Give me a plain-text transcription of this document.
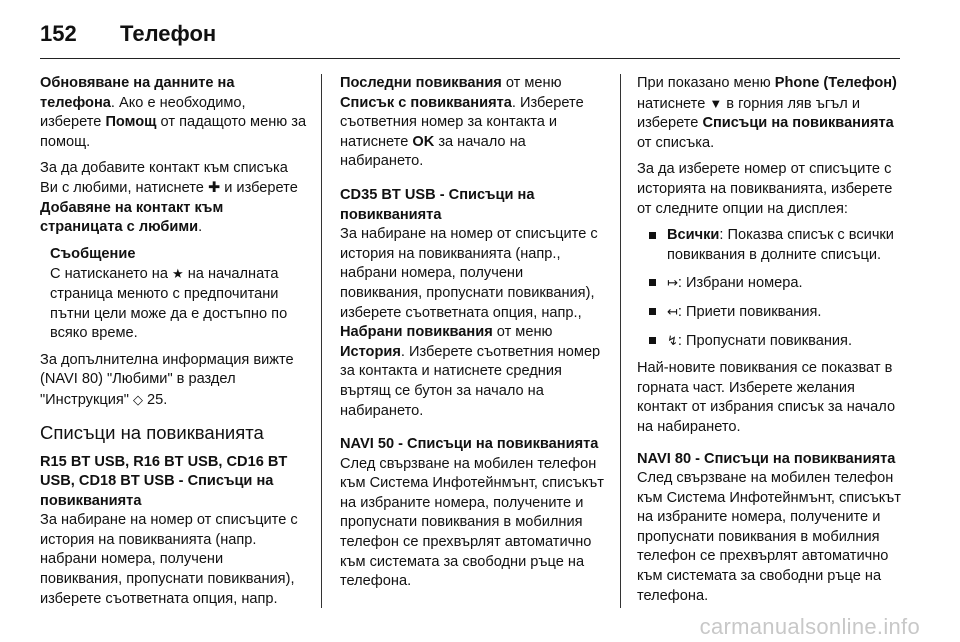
152	Телефон

Обновяване на данните на телефона. Ако е необходимо, изберете Помощ от падащото меню за помощ.

За да добавите контакт към списъка Ви с любими, натиснете ✚ и изберете Добавяне на контакт към страницата с любими.

Съобщение
С натискането на ★ на началната страница менюто с предпочитани пътни цели може да е достъпно по всяко време.

За допълнителна информация вижте (NAVI 80) "Любими" в раздел "Инструкция" ◇ 25.

Списъци на повикванията
R15 BT USB, R16 BT USB, CD16 BT USB, CD18 BT USB - Списъци на повикванията

За набиране на номер от списъците с история на повикванията (напр. набрани номера, получени повиквания, пропуснати повиквания), изберете съответната опция, напр.

Последни повиквания от меню Списък с повикванията. Изберете съответния номер за контакта и натиснете OK за начало на набирането.

CD35 BT USB - Списъци на повикванията

За набиране на номер от списъците с история на повикванията (напр., набрани номера, получени повиквания, пропуснати повиквания), изберете съответната опция, напр., Набрани повиквания от меню История. Изберете съответния номер за контакта и натиснете средния въртящ се бутон за начало на набирането.

NAVI 50 - Списъци на повикванията

След свързване на мобилен телефон към Система Инфотейнмънт, списъкът на избраните номера, получените и пропуснати повиквания в мобилния телефон се прехвърлят автоматично към системата за свободни ръце на телефона.

При показано меню Phone (Телефон) натиснете ▼ в горния ляв ъгъл и изберете Списъци на повикванията от списъка.

За да изберете номер от списъците с историята на повикванията, изберете от следните опции на дисплея:

Всички: Показва списък с всички повиквания в долните списъци.
↦: Избрани номера.
↤: Приети повиквания.
↯: Пропуснати повиквания.

Най-новите повиквания се показват в горната част. Изберете желания контакт от избрания списък за начало на набирането.

NAVI 80 - Списъци на повикванията

След свързване на мобилен телефон към Система Инфотейнмънт, списъкът на избраните номера, получените и пропуснати повиквания в мобилния телефон се прехвърлят автоматично към системата за свободни ръце на телефона.

carmanualsonline.info
